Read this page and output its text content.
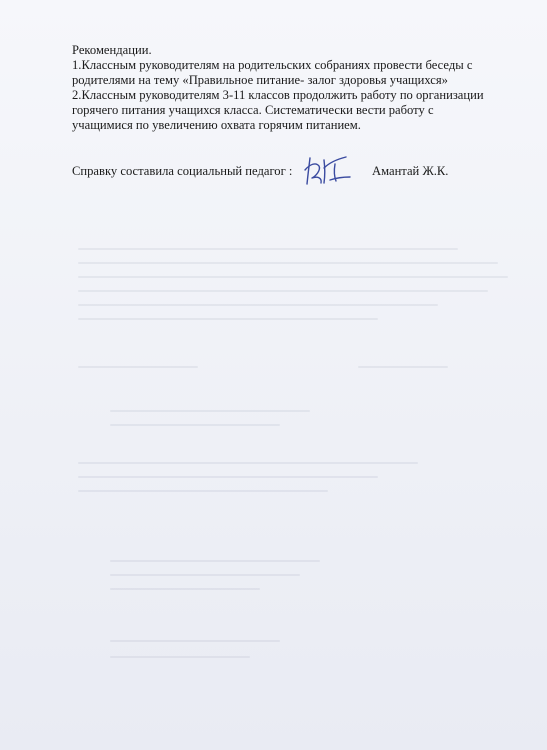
Рекомендации.
1.Классным руководителям на родительских собраниях провести беседы с
родителями на тему «Правильное питание- залог здоровья учащихся»
2.Классным руководителям 3-11 классов продолжить работу по организации
горячего питания учащихся класса. Систематически вести работу с
учащимися по увеличению охвата горячим питанием.
Справку составила социальный педагог :	Амантай Ж.К.
